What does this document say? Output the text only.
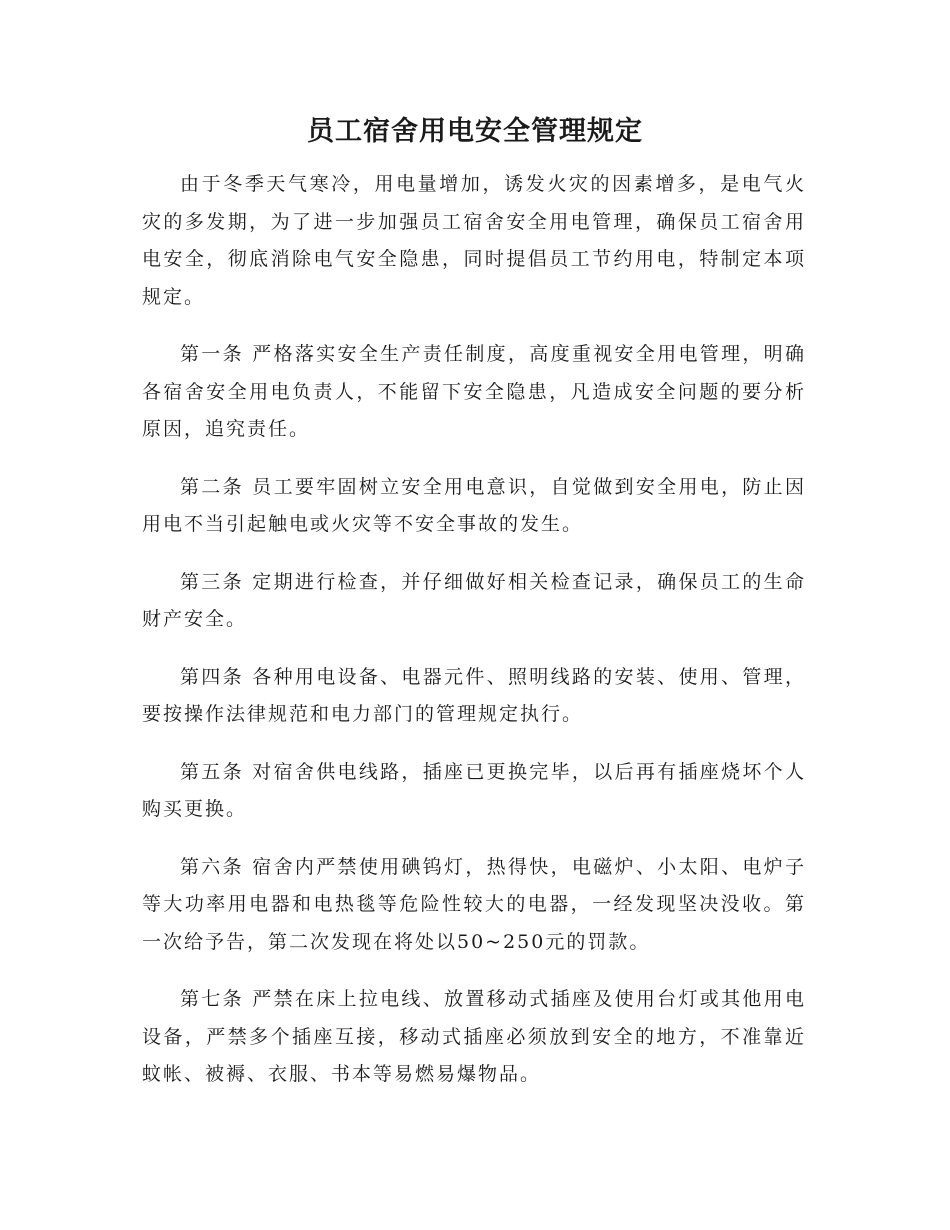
员工宿舍用电安全管理规定

由于冬季天气寒冷，用电量增加，诱发火灾的因素增多，是电气火灾的多发期，为了进一步加强员工宿舍安全用电管理，确保员工宿舍用电安全，彻底消除电气安全隐患，同时提倡员工节约用电，特制定本项规定。

第一条 严格落实安全生产责任制度，高度重视安全用电管理，明确各宿舍安全用电负责人，不能留下安全隐患，凡造成安全问题的要分析原因，追究责任。

第二条 员工要牢固树立安全用电意识，自觉做到安全用电，防止因用电不当引起触电或火灾等不安全事故的发生。

第三条 定期进行检查，并仔细做好相关检查记录，确保员工的生命财产安全。

第四条 各种用电设备、电器元件、照明线路的安装、使用、管理，要按操作法律规范和电力部门的管理规定执行。

第五条 对宿舍供电线路，插座已更换完毕，以后再有插座烧坏个人购买更换。

第六条 宿舍内严禁使用碘钨灯，热得快，电磁炉、小太阳、电炉子等大功率用电器和电热毯等危险性较大的电器，一经发现坚决没收。第一次给予告，第二次发现在将处以50~250元的罚款。

第七条 严禁在床上拉电线、放置移动式插座及使用台灯或其他用电设备，严禁多个插座互接，移动式插座必须放到安全的地方，不准靠近蚊帐、被褥、衣服、书本等易燃易爆物品。
